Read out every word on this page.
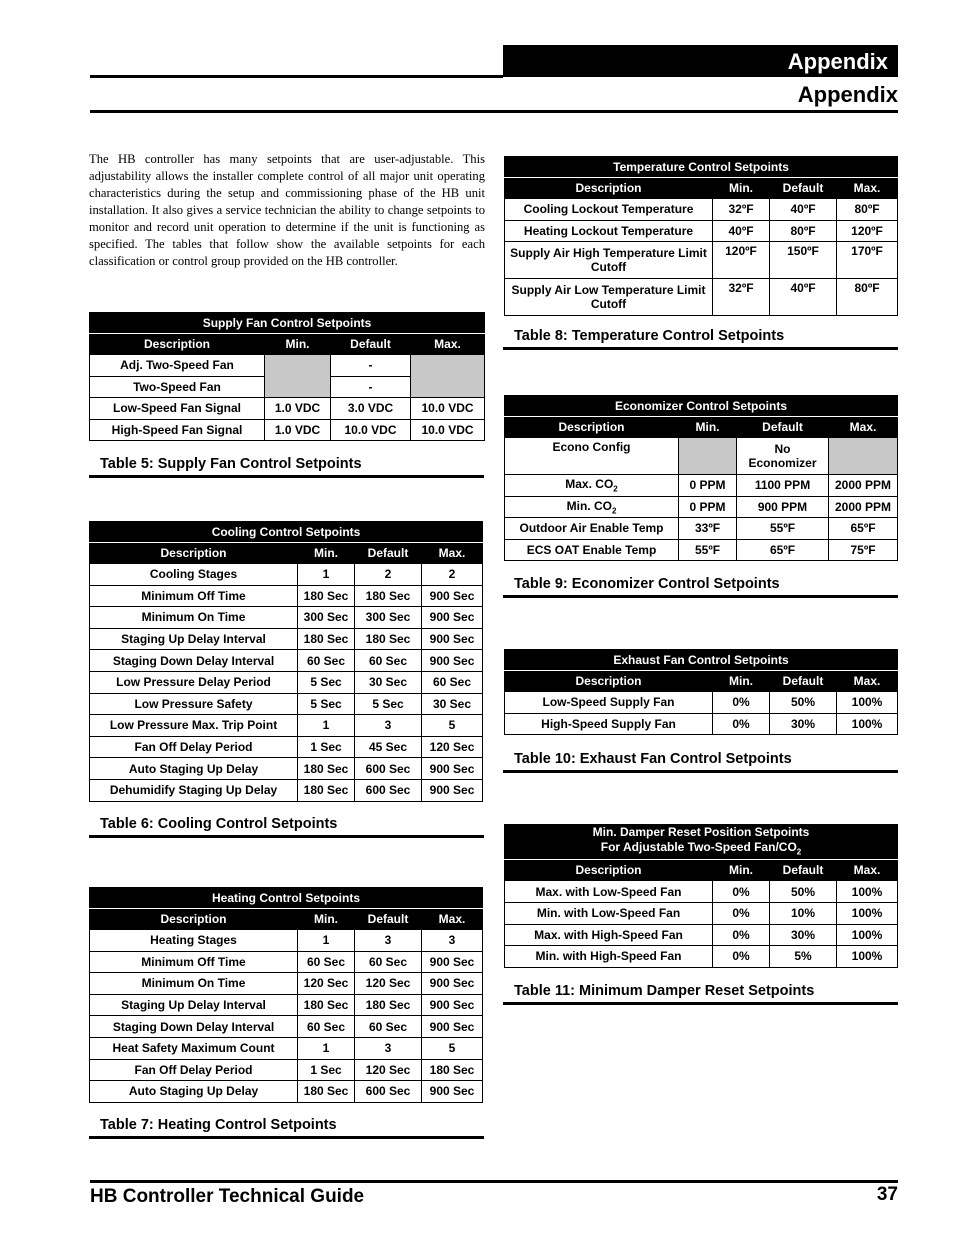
Appendix
Appendix
The HB controller has many setpoints that are user-adjustable. This adjustability allows the installer complete control of all major unit operating characteristics during the setup and commissioning phase of the HB unit installation. It also gives a service technician the ability to change setpoints to monitor and record unit operation to determine if the unit is functioning as specified. The tables that follow show the available setpoints for each classification or control group provided on the HB controller.
Supply Fan Control Setpoints			
Description	Min.	Default	Max.
Adj. Two-Speed Fan		-	
Two-Speed Fan		-	
Low-Speed Fan Signal	1.0 VDC	3.0 VDC	10.0 VDC
High-Speed Fan Signal	1.0 VDC	10.0 VDC	10.0 VDC
Table 5: Supply Fan Control Setpoints
Cooling Control Setpoints			
Description	Min.	Default	Max.
Cooling Stages	1	2	2
Minimum Off Time	180 Sec	180 Sec	900 Sec
Minimum On Time	300 Sec	300 Sec	900 Sec
Staging Up Delay Interval	180 Sec	180 Sec	900 Sec
Staging Down Delay Interval	60 Sec	60 Sec	900 Sec
Low Pressure Delay Period	5 Sec	30 Sec	60 Sec
Low Pressure Safety	5 Sec	5 Sec	30 Sec
Low Pressure Max. Trip Point	1	3	5
Fan Off Delay Period	1 Sec	45 Sec	120 Sec
Auto Staging Up Delay	180 Sec	600 Sec	900 Sec
Dehumidify Staging Up Delay	180 Sec	600 Sec	900 Sec
Table 6: Cooling Control Setpoints
Heating Control Setpoints			
Description	Min.	Default	Max.
Heating Stages	1	3	3
Minimum Off Time	60 Sec	60 Sec	900 Sec
Minimum On Time	120 Sec	120 Sec	900 Sec
Staging Up Delay Interval	180 Sec	180 Sec	900 Sec
Staging Down Delay Interval	60 Sec	60 Sec	900 Sec
Heat Safety Maximum Count	1	3	5
Fan Off Delay Period	1 Sec	120 Sec	180 Sec
Auto Staging Up Delay	180 Sec	600 Sec	900 Sec
Table 7: Heating Control Setpoints
Temperature Control Setpoints			
Description	Min.	Default	Max.
Cooling Lockout Temperature	32ºF	40ºF	80ºF
Heating Lockout Temperature	40ºF	80ºF	120ºF
Supply Air High Temperature Limit Cutoff	120ºF	150ºF	170ºF
Supply Air Low Temperature Limit Cutoff	32ºF	40ºF	80ºF
Table 8: Temperature Control Setpoints
Economizer Control Setpoints			
Description	Min.	Default	Max.
Econo Config		No Economizer	
Max. $CO_2$	0 PPM	1100 PPM	2000 PPM
Min. $CO_2$	0 PPM	900 PPM	2000 PPM
Outdoor Air Enable Temp	33ºF	55ºF	65ºF
ECS OAT Enable Temp	55ºF	65ºF	75ºF
Table 9: Economizer Control Setpoints
Exhaust Fan Control Setpoints			
Description	Min.	Default	Max.
Low-Speed Supply Fan	0%	50%	100%
High-Speed Supply Fan	0%	30%	100%
Table 10: Exhaust Fan Control Setpoints
Min. Damper Reset Position Setpoints
For Adjustable Two-Speed Fan/$CO_2$
Description	Min.	Default	Max.
Max. with Low-Speed Fan	0%	50%	100%
Min. with Low-Speed Fan	0%	10%	100%
Max. with High-Speed Fan	0%	30%	100%
Min. with High-Speed Fan	0%	5%	100%
Table 11: Minimum Damper Reset Setpoints
HB Controller Technical Guide	37
